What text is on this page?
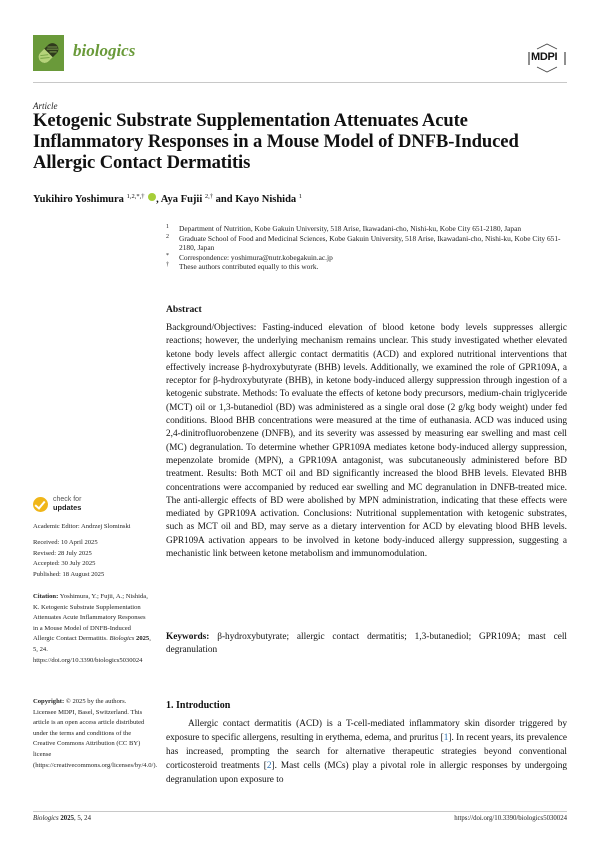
biologics	MDPI
Article
Ketogenic Substrate Supplementation Attenuates Acute Inflammatory Responses in a Mouse Model of DNFB-Induced Allergic Contact Dermatitis
Yukihiro Yoshimura $^{1,2,*,\dagger}$ , Aya Fujii $^{2,\dagger}$ and Kayo Nishida $^1$
1 Department of Nutrition, Kobe Gakuin University, 518 Arise, Ikawadani-cho, Nishi-ku, Kobe City 651-2180, Japan
2 Graduate School of Food and Medicinal Sciences, Kobe Gakuin University, 518 Arise, Ikawadani-cho, Nishi-ku, Kobe City 651-2180, Japan
* Correspondence: yoshimura@nutr.kobegakuin.ac.jp
† These authors contributed equally to this work.
Abstract
Background/Objectives: Fasting-induced elevation of blood ketone body levels suppresses allergic reactions; however, the underlying mechanism remains unclear. This study investigated whether elevated ketone body levels affect allergic contact dermatitis (ACD) and explored nutritional interventions that effectively increase β-hydroxybutyrate (BHB) levels. Additionally, we examined the role of GPR109A, a receptor for β-hydroxybutyrate (BHB), in ketone body-induced allergy suppression through ingestion of a ketogenic substrate. Methods: To evaluate the effects of ketone body precursors, medium-chain triglyceride (MCT) oil or 1,3-butanediol (BD) was administered as a single oral dose (2 g/kg body weight) under fed conditions. Blood BHB concentrations were measured at the time of euthanasia. ACD was induced using 2,4-dinitrofluorobenzene (DNFB), and its severity was assessed by measuring ear swelling and mast cell (MC) degranulation. To determine whether GPR109A mediates ketone body-induced allergy suppression, mepenzolate bromide (MPN), a GPR109A antagonist, was subcutaneously administered before BD treatment. Results: Both MCT oil and BD significantly increased the blood BHB levels. Elevated BHB concentrations were accompanied by reduced ear swelling and MC degranulation in DNFB-treated mice. The anti-allergic effects of BD were abolished by MPN administration, indicating that these effects were mediated by GPR109A activation. Conclusions: Nutritional supplementation with ketogenic substrates, such as MCT oil and BD, may serve as a dietary intervention for ACD by elevating blood BHB levels. GPR109A activation appears to be involved in ketone body-induced allergy suppression, suggesting a mechanistic link between ketone metabolism and immunomodulation.
Keywords: β-hydroxybutyrate; allergic contact dermatitis; 1,3-butanediol; GPR109A; mast cell degranulation
check for
updates
Academic Editor: Andrzej Slominski
Received: 10 April 2025
Revised: 28 July 2025
Accepted: 30 July 2025
Published: 18 August 2025
Citation: Yoshimura, Y.; Fujii, A.; Nishida, K. Ketogenic Substrate Supplementation Attenuates Acute Inflammatory Responses in a Mouse Model of DNFB-Induced Allergic Contact Dermatitis. Biologics 2025, 5, 24. https://doi.org/10.3390/biologics5030024
Copyright: © 2025 by the authors. Licensee MDPI, Basel, Switzerland. This article is an open access article distributed under the terms and conditions of the Creative Commons Attribution (CC BY) license (https://creativecommons.org/licenses/by/4.0/).
1. Introduction
Allergic contact dermatitis (ACD) is a T-cell-mediated inflammatory skin disorder triggered by exposure to specific allergens, resulting in erythema, edema, and pruritus [1]. In recent years, its prevalence has increased, prompting the search for alternative therapeutic strategies beyond conventional corticosteroid treatments [2]. Mast cells (MCs) play a pivotal role in allergic responses by undergoing degranulation upon exposure to
Biologics 2025, 5, 24	https://doi.org/10.3390/biologics5030024
